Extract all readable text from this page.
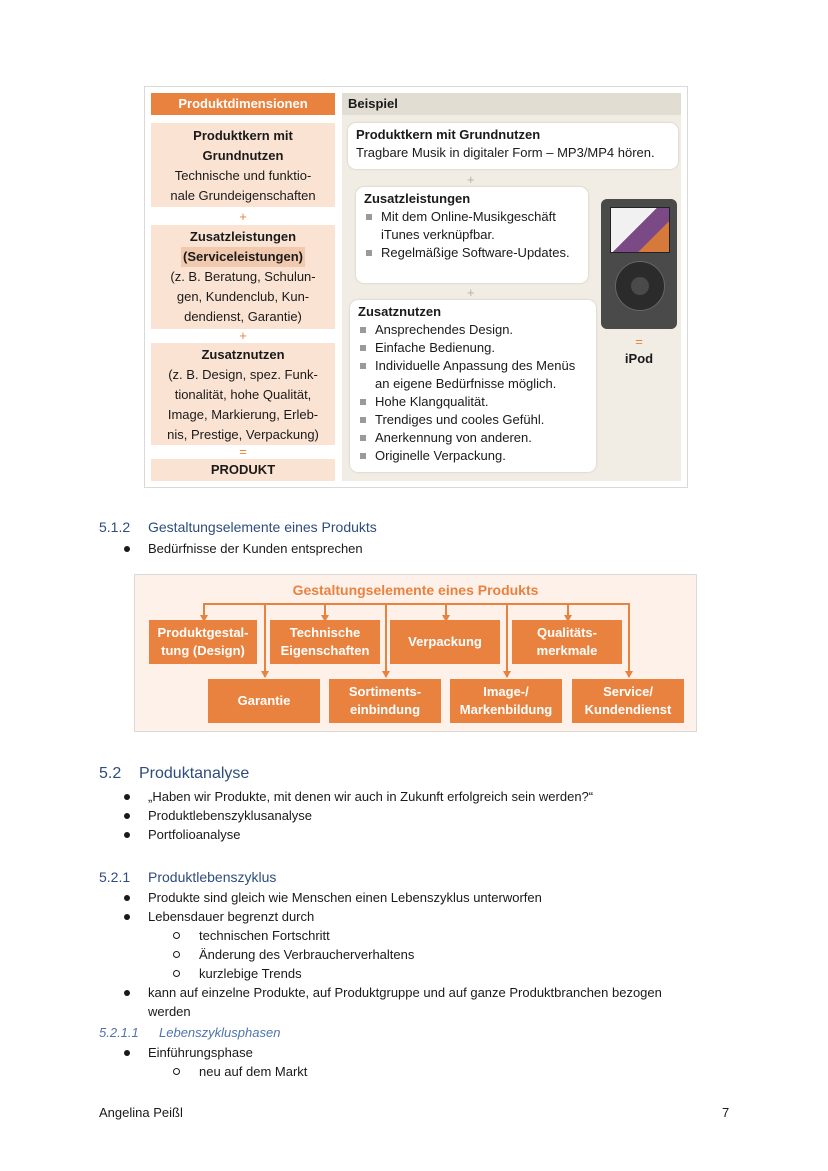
Produktdimensionen
Produktkern mit
Grundnutzen
Technische und funktio-
nale Grundeigenschaften
+
Zusatzleistungen
(Serviceleistungen)
(z. B. Beratung, Schulun-
gen, Kundenclub, Kun-
dendienst, Garantie)
+
Zusatznutzen
(z. B. Design, spez. Funk-
tionalität, hohe Qualität,
Image, Markierung, Erleb-
nis, Prestige, Verpackung)
=
PRODUKT
Beispiel
Produktkern mit Grundnutzen
Tragbare Musik in digitaler Form – MP3/MP4 hören.
+
Zusatzleistungen
Mit dem Online-Musikgeschäft
iTunes verknüpfbar.
Regelmäßige Software-Updates.
+
Zusatznutzen
Ansprechendes Design.
Einfache Bedienung.
Individuelle Anpassung des Menüs
an eigene Bedürfnisse möglich.
Hohe Klangqualität.
Trendiges und cooles Gefühl.
Anerkennung von anderen.
Originelle Verpackung.
=
iPod
5.1.2 Gestaltungselemente eines Produkts
Bedürfnisse der Kunden entsprechen
Gestaltungselemente eines Produkts
Produktgestal-
tung (Design)
Technische
Eigenschaften
Verpackung
Qualitäts-
merkmale
Garantie
Sortiments-
einbindung
Image-/
Markenbildung
Service/
Kundendienst
5.2 Produktanalyse
„Haben wir Produkte, mit denen wir auch in Zukunft erfolgreich sein werden?“
Produktlebenszyklusanalyse
Portfolioanalyse
5.2.1 Produktlebenszyklus
Produkte sind gleich wie Menschen einen Lebenszyklus unterworfen
Lebensdauer begrenzt durch
technischen Fortschritt
Änderung des Verbraucherverhaltens
kurzlebige Trends
kann auf einzelne Produkte, auf Produktgruppe und auf ganze Produktbranchen bezogen
werden
5.2.1.1 Lebenszyklusphasen
Einführungsphase
neu auf dem Markt
Angelina Peißl	7
